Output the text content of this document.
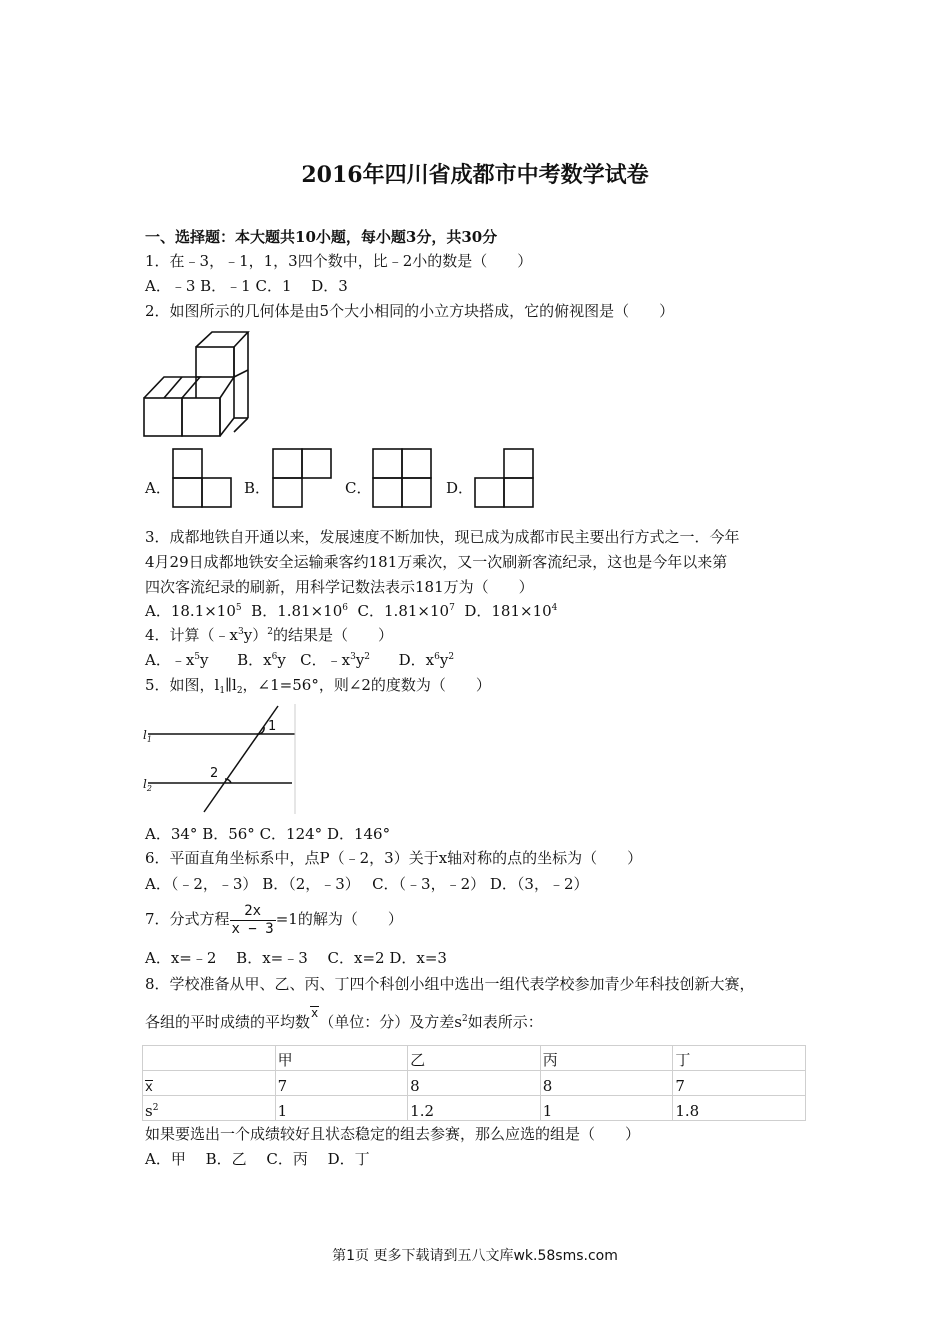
2016年四川省成都市中考数学试卷
一、选择题：本大题共10小题，每小题3分，共30分
1．在﹣3，﹣1，1，3四个数中，比﹣2小的数是（　　）
A．﹣3 B．﹣1 C．1　 D．3
2．如图所示的几何体是由5个大小相同的小立方块搭成，它的俯视图是（　　）
A．	B．	C．	D．
3．成都地铁自开通以来，发展速度不断加快，现已成为成都市民主要出行方式之一．今年
4月29日成都地铁安全运输乘客约181万乘次，又一次刷新客流纪录，这也是今年以来第
四次客流纪录的刷新，用科学记数法表示181万为（　　）
A．$18.1\times 10^5$ B．$1.81\times 10^6$ C．$1.81\times 10^7$ D．$181\times 10^4$
4．计算$(﹣x^3y)^2$的结果是（　　）
A．$﹣x^5y$ B．$x^6y$ C．$﹣x^3y^2$ D．$x^6y^2$
5．如图，$l_1\parallel l_2$，∠1=56°，则∠2的度数为（　　）
$l_1$
$l_2$
1
2
A．34° B．56° C．124° D．146°
6．平面直角坐标系中，点P（﹣2，3）关于x轴对称的点的坐标为（　　）
A．（﹣2，﹣3） B．（2，﹣3）　 C．（﹣3，﹣2） D．（3，﹣2）
7．分式方程 $\frac{2x}{x - 3} =1$的解为（　　）
A．x=﹣2　 B．x=﹣3　 C．x=2 D．x=3
8．学校准备从甲、乙、丙、丁四个科创小组中选出一组代表学校参加青少年科技创新大赛，
各组的平时成绩的平均数x（单位：分）及方差$s^2$如表所示：
	甲	乙	丙	丁
x	7	8	8	7
$s^2$	1	1.2	1	1.8
如果要选出一个成绩较好且状态稳定的组去参赛，那么应选的组是（　　）
A．甲　 B．乙　 C．丙　 D．丁
第1页 更多下载请到五八文库wk.58sms.com
